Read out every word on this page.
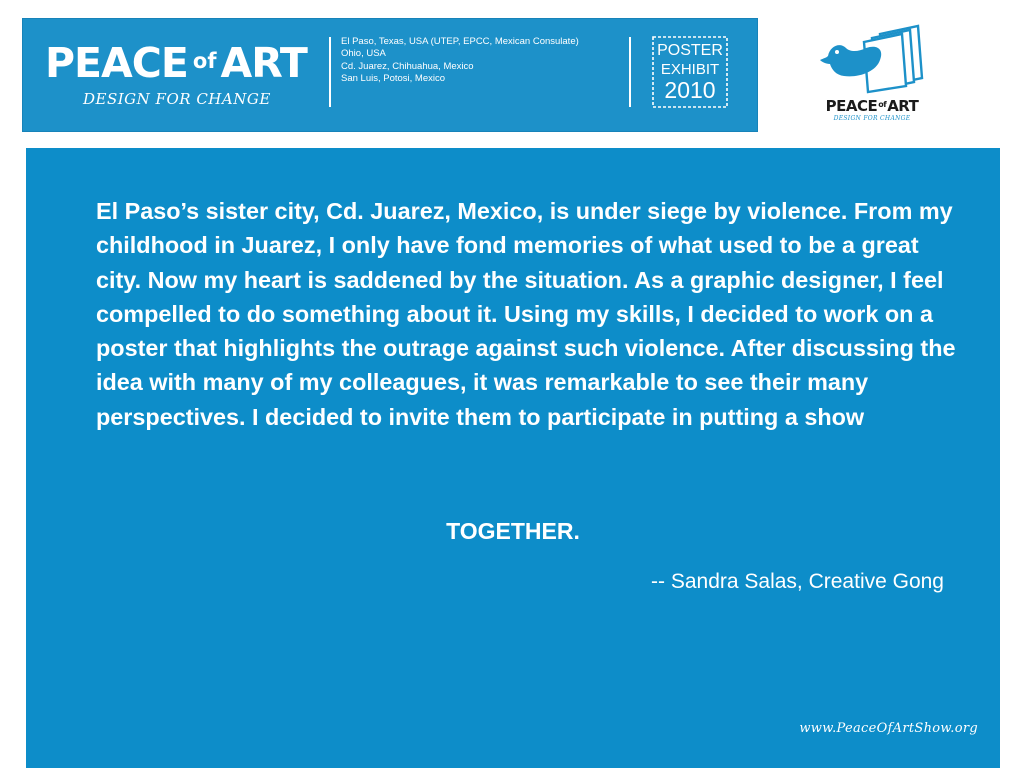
PEACE $^{of}$ART
DESIGN FOR CHANGE
El Paso, Texas, USA (UTEP, EPCC, Mexican Consulate)
Ohio, USA
Cd. Juarez, Chihuahua, Mexico
San Luis, Potosi, Mexico
POSTER
EXHIBIT
2010
$PEACE^{of}ART$
DESIGN FOR CHANGE

El Paso’s sister city, Cd. Juarez, Mexico, is under siege by violence. From my childhood in Juarez, I only have fond memories of what used to be a great city. Now my heart is saddened by the situation. As a graphic designer, I feel compelled to do something about it. Using my skills, I decided to work on a poster that highlights the outrage against such violence. After discussing the idea with many of my colleagues, it was remarkable to see their many perspectives. I decided to invite them to participate in putting a show

TOGETHER.
-- Sandra Salas, Creative Gong
www.PeaceOfArtShow.org
